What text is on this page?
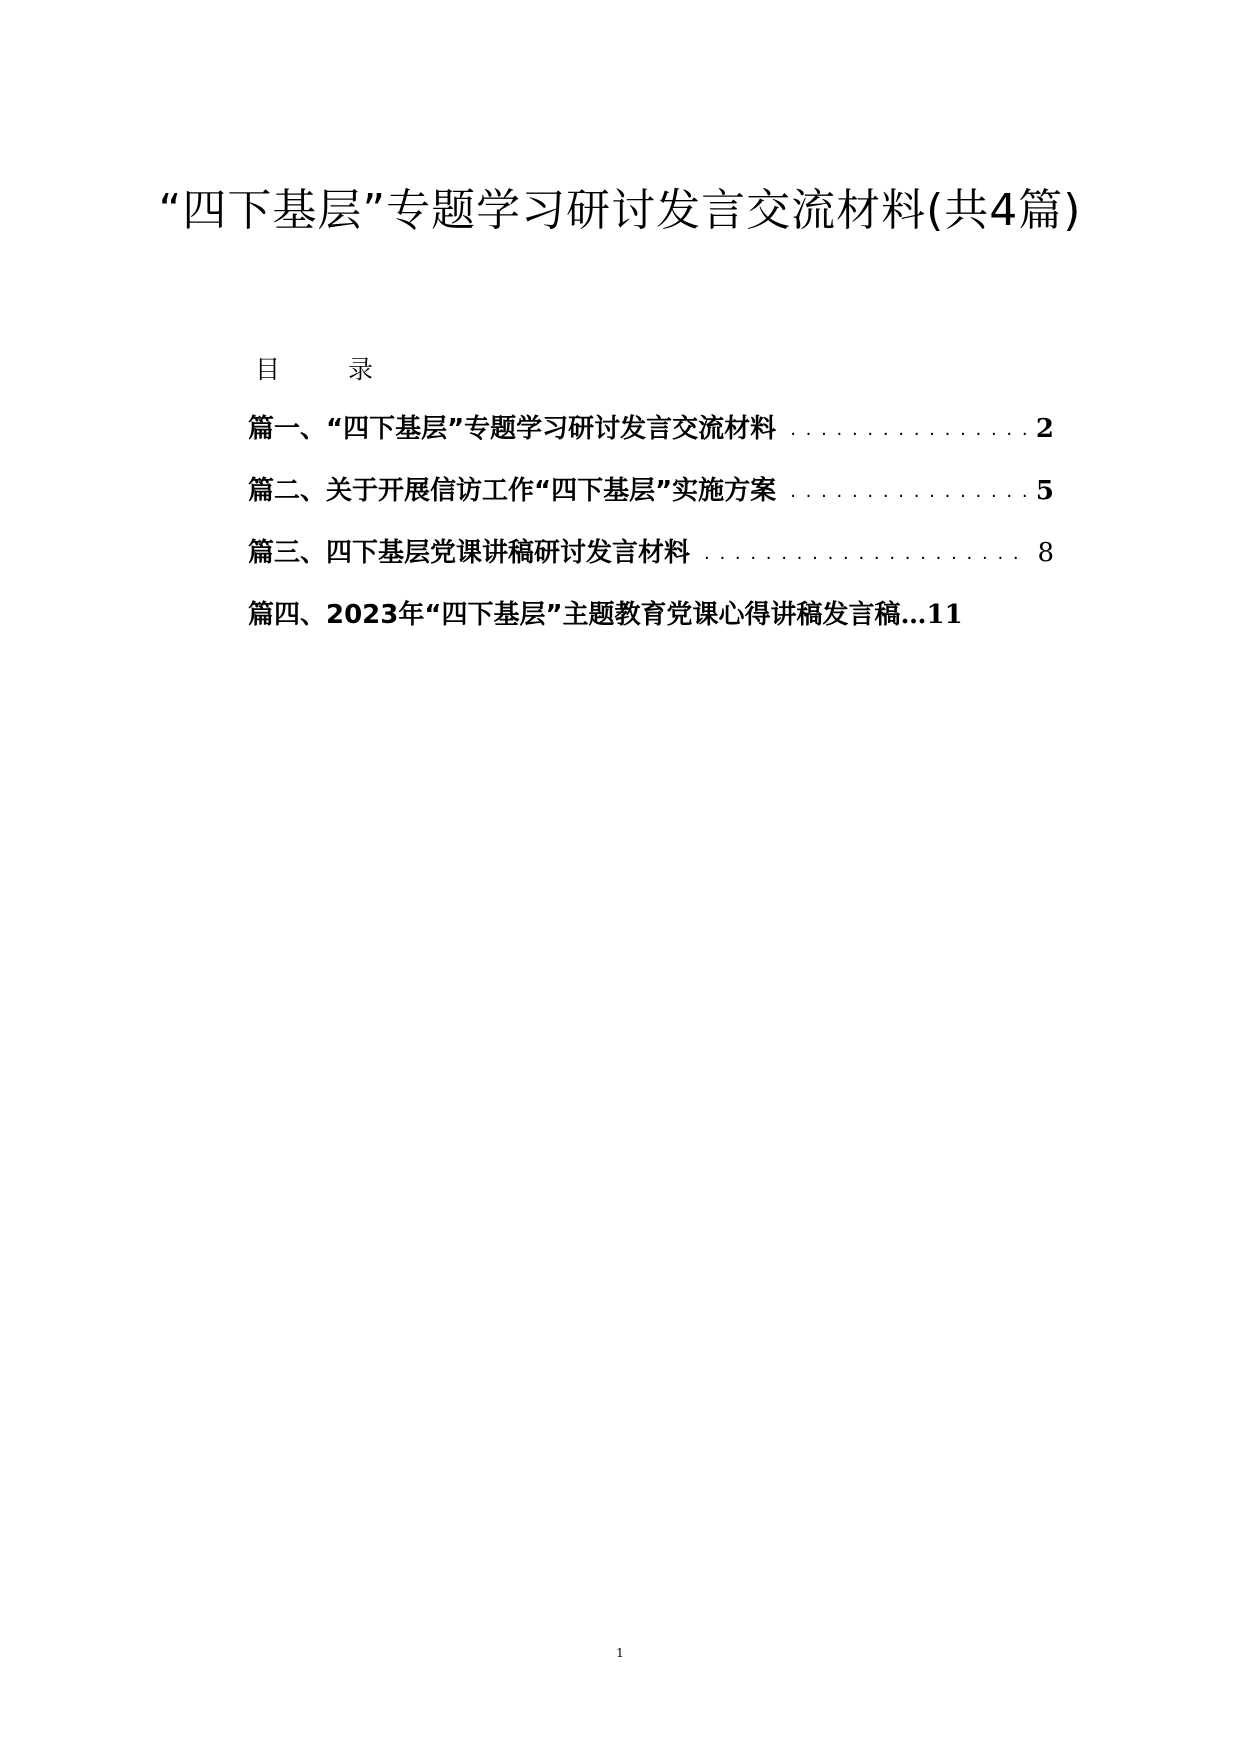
“四下基层”专题学习研讨发言交流材料(共4篇)
目 录
篇一、“四下基层”专题学习研讨发言交流材料 . . .	2
篇二、关于开展信访工作“四下基层”实施方案 . . .	5
篇三、四下基层党课讲稿研讨发言材料 . . .	8
篇四、2023年“四下基层”主题教育党课心得讲稿发言稿 … 11
1
